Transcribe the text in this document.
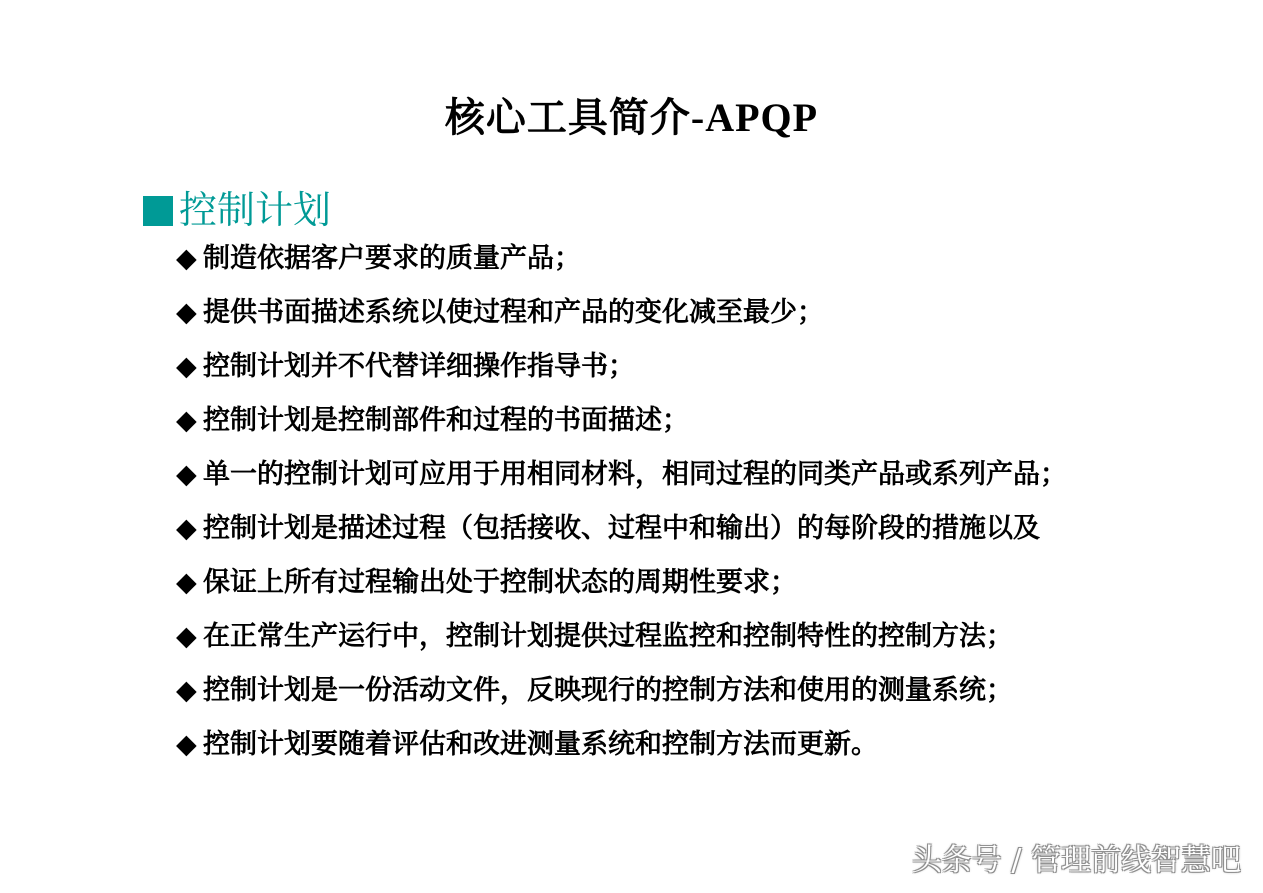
核心工具简介-APQP
控制计划
◆ 制造依据客户要求的质量产品；
◆ 提供书面描述系统以使过程和产品的变化减至最少；
◆ 控制计划并不代替详细操作指导书；
◆ 控制计划是控制部件和过程的书面描述；
◆ 单一的控制计划可应用于用相同材料，相同过程的同类产品或系列产品；
◆ 控制计划是描述过程（包括接收、过程中和输出）的每阶段的措施以及
◆ 保证上所有过程输出处于控制状态的周期性要求；
◆ 在正常生产运行中，控制计划提供过程监控和控制特性的控制方法；
◆ 控制计划是一份活动文件，反映现行的控制方法和使用的测量系统；
◆ 控制计划要随着评估和改进测量系统和控制方法而更新。
头条号 / 管理前线智慧吧
